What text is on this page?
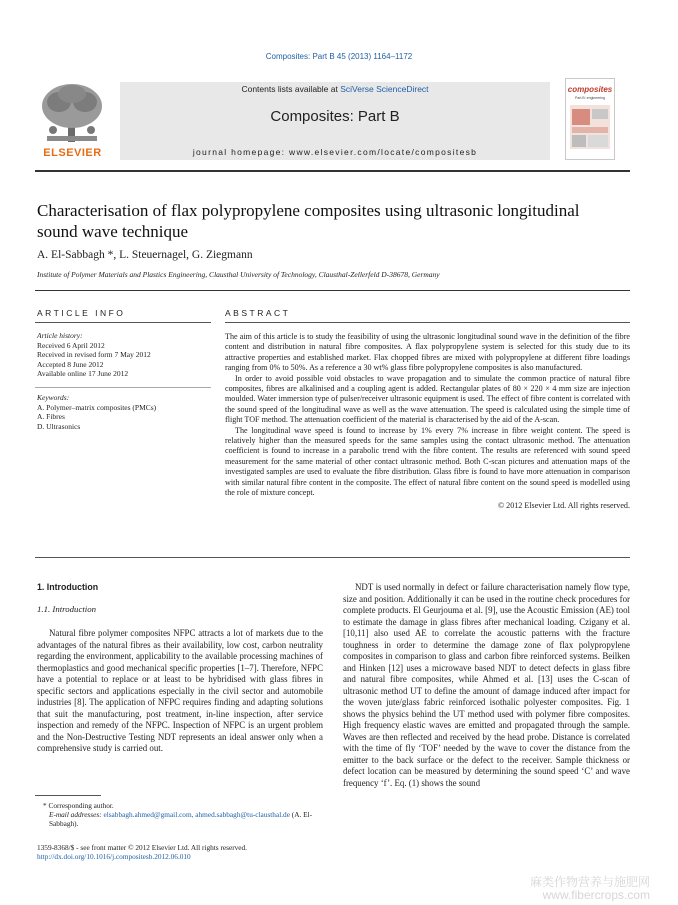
Composites: Part B 45 (2013) 1164–1172
ELSEVIER
Contents lists available at SciVerse ScienceDirect
Composites: Part B
journal homepage: www.elsevier.com/locate/compositesb
composites
Part B: engineering
Characterisation of flax polypropylene composites using ultrasonic longitudinal sound wave technique
A. El-Sabbagh *, L. Steuernagel, G. Ziegmann
Institute of Polymer Materials and Plastics Engineering, Clausthal University of Technology, Clausthal-Zellerfeld D-38678, Germany
ARTICLE INFO
Article history:
Received 6 April 2012
Received in revised form 7 May 2012
Accepted 8 June 2012
Available online 17 June 2012
Keywords:
A. Polymer–matrix composites (PMCs)
A. Fibres
D. Ultrasonics
ABSTRACT

The aim of this article is to study the feasibility of using the ultrasonic longitudinal sound wave in the definition of the fibre content and distribution in natural fibre composites. A flax polypropylene system is selected for this study due to its attractive properties and established market. Flax chopped fibres are mixed with polypropylene at different fibre loadings ranging from 0% to 50%. As a reference a 30 wt% glass fibre polypropylene composites is also manufactured.

In order to avoid possible void obstacles to wave propagation and to simulate the common practice of natural fibre composites, fibres are alkalinised and a coupling agent is added. Rectangular plates of 80 × 220 × 4 mm size are injection moulded. Water immersion type of pulser/receiver ultrasonic equipment is used. The effect of fibre content is correlated with the sound speed of the longitudinal wave as well as the wave attenuation. The speed is calculated using the simple time of flight TOF method. The attenuation coefficient of the material is characterised by the aid of the A-scan.

The longitudinal wave speed is found to increase by 1% every 7% increase in fibre weight content. The speed is relatively higher than the measured speeds for the same samples using the contact ultrasonic method. The attenuation coefficient is found to increase in a parabolic trend with the fibre content. The results are referenced with sound speed measurement for the same material of other contact ultrasonic method. Both C-scan pictures and attenuation maps of the investigated samples are used to evaluate the fibre distribution. Glass fibre is found to have more attenuation in comparison with similar natural fibre content in the composite. The effect of natural fibre content on the sound speed is modelled using the role of mixture concept.

© 2012 Elsevier Ltd. All rights reserved.
1. Introduction
1.1. Introduction

Natural fibre polymer composites NFPC attracts a lot of markets due to the advantages of the natural fibres as their availability, low cost, carbon neutrality regarding the environment, applicability to the available processing machines of thermoplastics and good mechanical specific properties [1–7]. Therefore, NFPC have a potential to replace or at least to be hybridised with glass fibres in specific sectors and applications especially in the civil sector and automobile industries [8]. The application of NFPC requires finding and adapting solutions that suit the manufacturing, post treatment, in-line inspection, after service inspection and remedy of the NFPC. Inspection of NFPC is an urgent problem and the Non-Destructive Testing NDT represents an ideal answer only when a comprehensive study is carried out.

* Corresponding author.
E-mail addresses: elsabbagh.ahmed@gmail.com, ahmed.sabbagh@tu-clausthal.de (A. El-Sabbagh).
1359-8368/$ - see front matter © 2012 Elsevier Ltd. All rights reserved.
http://dx.doi.org/10.1016/j.compositesb.2012.06.010

NDT is used normally in defect or failure characterisation namely flow type, size and position. Additionally it can be used in the routine check procedures for complete products. El Geurjouma et al. [9], use the Acoustic Emission (AE) tool to estimate the damage in glass fibres after mechanical loading. Czigany et al. [10,11] also used AE to correlate the acoustic patterns with the fracture toughness in order to determine the damage zone of flax polypropylene composites in comparison to glass and carbon fibre reinforced systems. Beilken and Hinken [12] uses a microwave based NDT to detect defects in glass fibre and natural fibre composites, while Ahmed et al. [13] uses the C-scan of ultrasonic method UT to define the amount of damage induced after impact for the woven jute/glass fabric reinforced isothalic polyester composites. Fig. 1 shows the physics behind the UT method used with polymer fibre composites. High frequency elastic waves are emitted and propagated through the sample. Waves are then reflected and received by the head probe. Distance is correlated with the time of fly ‘TOF’ needed by the wave to cover the distance from the emitter to the back surface or the defect to the receiver. Sample thickness or defect location can be measured by determining the sound speed ‘C’ and wave frequency ‘f’. Eq. (1) shows the sound

麻类作物营养与施肥网
www.fibercrops.com
